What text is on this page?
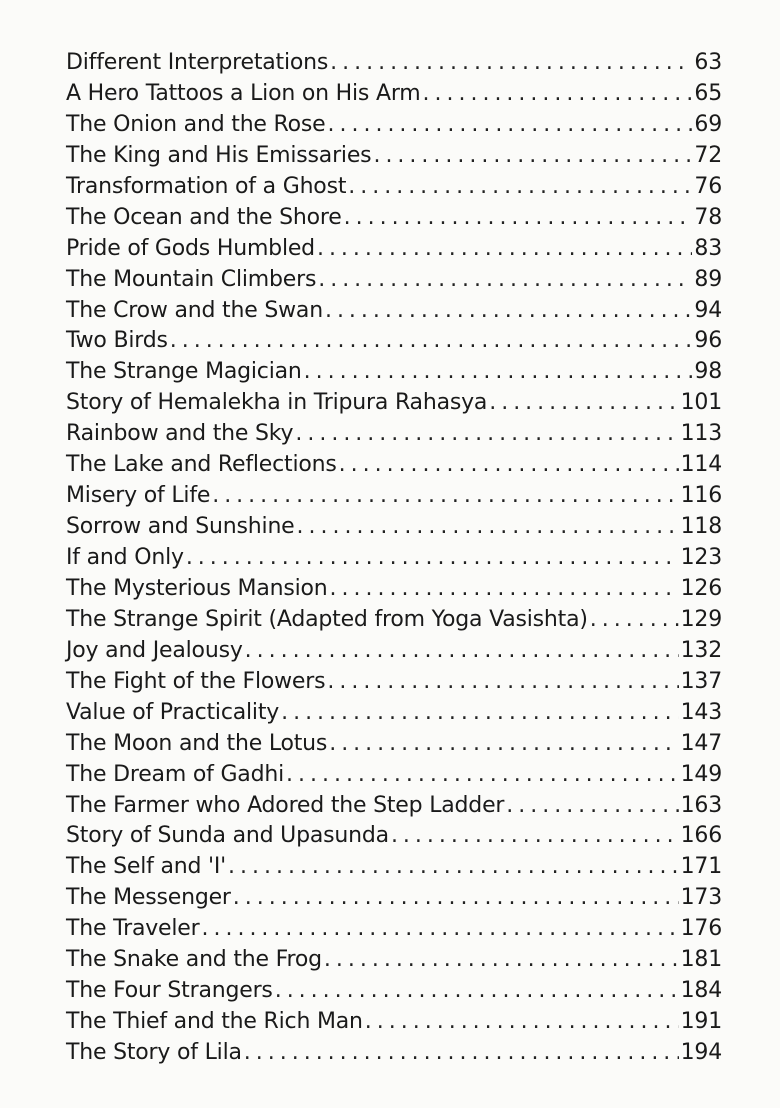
Different Interpretations . . .	63
A Hero Tattoos a Lion on His Arm . . .	65
The Onion and the Rose . . .	69
The King and His Emissaries . . .	72
Transformation of a Ghost . . .	76
The Ocean and the Shore . . .	78
Pride of Gods Humbled . . .	83
The Mountain Climbers . . .	89
The Crow and the Swan . . .	94
Two Birds . . .	96
The Strange Magician . . .	98
Story of Hemalekha in Tripura Rahasya . . .	101
Rainbow and the Sky . . .	113
The Lake and Reflections . . .	114
Misery of Life . . .	116
Sorrow and Sunshine . . .	118
If and Only . . .	123
The Mysterious Mansion . . .	126
The Strange Spirit (Adapted from Yoga Vasishta) . . .	129
Joy and Jealousy . . .	132
The Fight of the Flowers . . .	137
Value of Practicality . . .	143
The Moon and the Lotus . . .	147
The Dream of Gadhi . . .	149
The Farmer who Adored the Step Ladder . . .	163
Story of Sunda and Upasunda . . .	166
The Self and 'I' . . .	171
The Messenger . . .	173
The Traveler . . .	176
The Snake and the Frog . . .	181
The Four Strangers . . .	184
The Thief and the Rich Man . . .	191
The Story of Lila . . .	194
